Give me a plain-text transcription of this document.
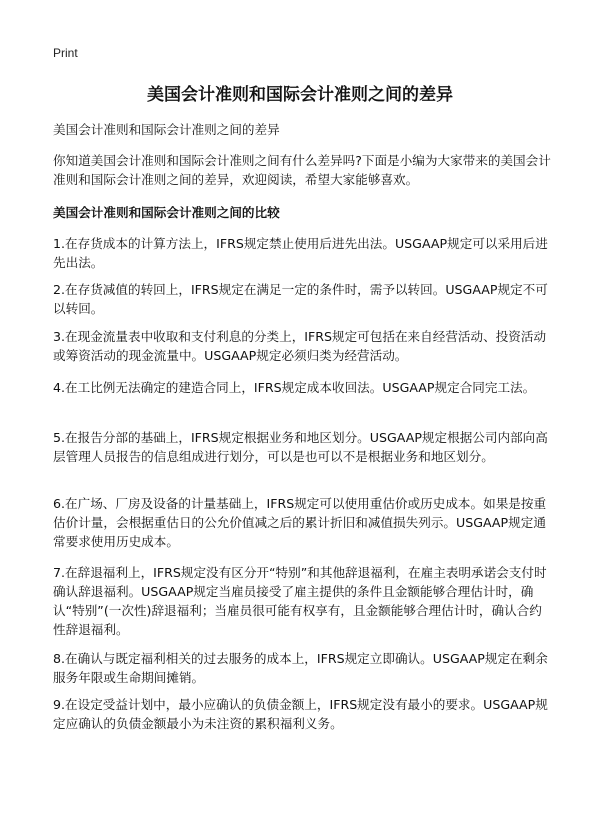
Print
美国会计准则和国际会计准则之间的差异
美国会计准则和国际会计准则之间的差异
你知道美国会计准则和国际会计准则之间有什么差异吗?下面是小编为大家带来的美国会计准则和国际会计准则之间的差异，欢迎阅读，希望大家能够喜欢。
美国会计准则和国际会计准则之间的比较
1.在存货成本的计算方法上，IFRS规定禁止使用后进先出法。USGAAP规定可以采用后进先出法。
2.在存货减值的转回上，IFRS规定在满足一定的条件时，需予以转回。USGAAP规定不可以转回。
3.在现金流量表中收取和支付利息的分类上，IFRS规定可包括在来自经营活动、投资活动或筹资活动的现金流量中。USGAAP规定必须归类为经营活动。
4.在工比例无法确定的建造合同上，IFRS规定成本收回法。USGAAP规定合同完工法。
5.在报告分部的基础上，IFRS规定根据业务和地区划分。USGAAP规定根据公司内部向高层管理人员报告的信息组成进行划分，可以是也可以不是根据业务和地区划分。
6.在广场、厂房及设备的计量基础上，IFRS规定可以使用重估价或历史成本。如果是按重估价计量，会根据重估日的公允价值减之后的累计折旧和减值损失列示。USGAAP规定通常要求使用历史成本。
7.在辞退福利上，IFRS规定没有区分开“特别”和其他辞退福利，在雇主表明承诺会支付时确认辞退福利。USGAAP规定当雇员接受了雇主提供的条件且金额能够合理估计时，确认“特别”(一次性)辞退福利；当雇员很可能有权享有，且金额能够合理估计时，确认合约性辞退福利。
8.在确认与既定福利相关的过去服务的成本上，IFRS规定立即确认。USGAAP规定在剩余服务年限或生命期间摊销。
9.在设定受益计划中，最小应确认的负债金额上，IFRS规定没有最小的要求。USGAAP规定应确认的负债金额最小为未注资的累积福利义务。
